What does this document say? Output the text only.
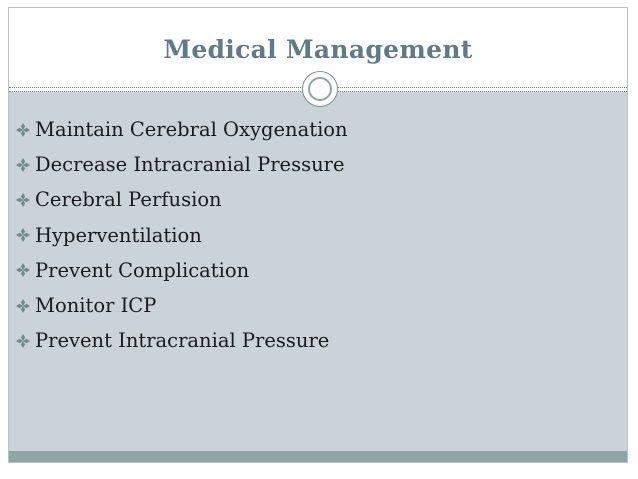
Medical Management
Maintain Cerebral Oxygenation
Decrease Intracranial Pressure
Cerebral Perfusion
Hyperventilation
Prevent Complication
Monitor ICP
Prevent Intracranial Pressure
